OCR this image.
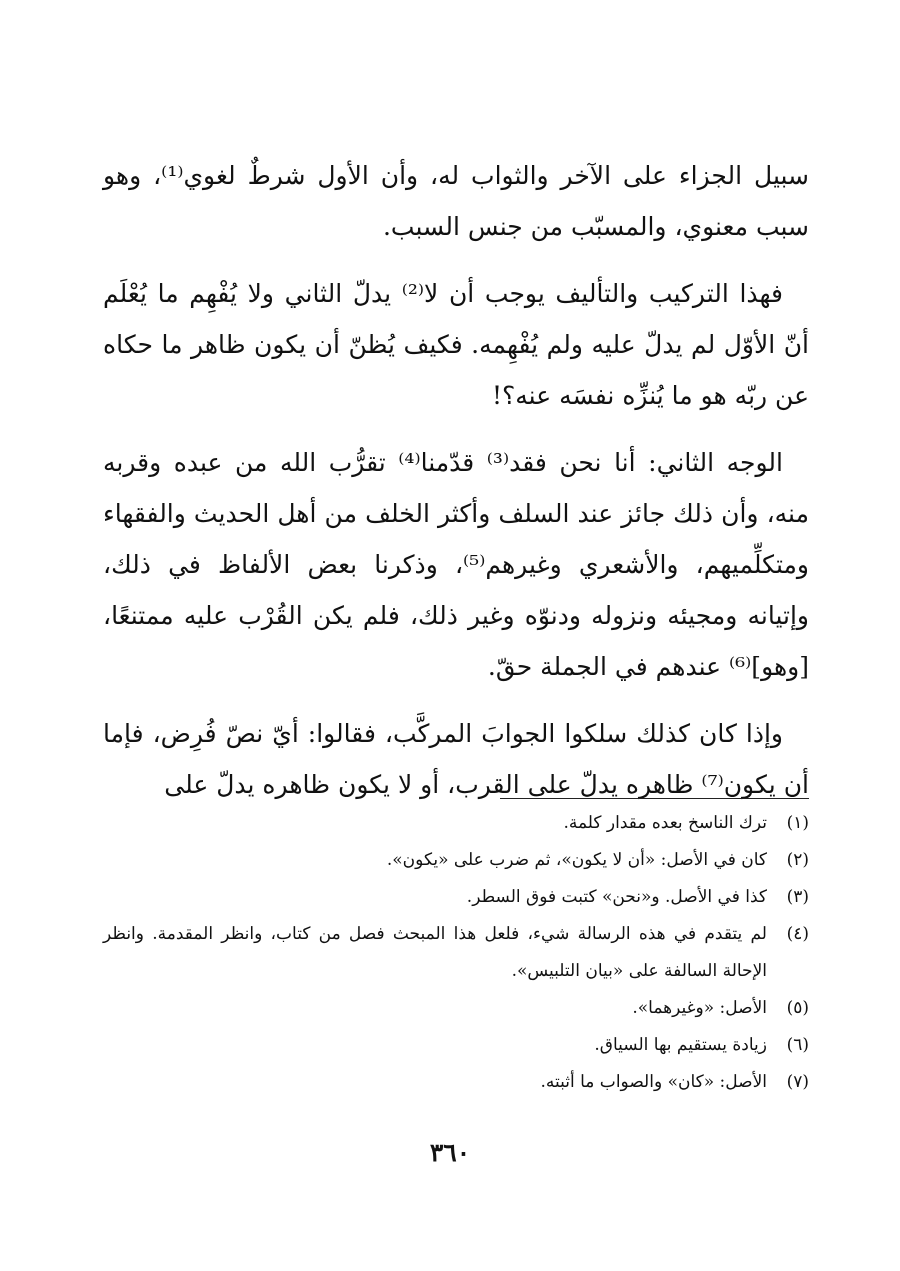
سبيل الجزاء على الآخر والثواب له، وأن الأول شرطٌ لغوي⁽¹⁾، وهو سبب معنوي، والمسبّب من جنس السبب.

فهذا التركيب والتأليف يوجب أن لا⁽²⁾ يدلّ الثاني ولا يُفْهِم ما يُعْلَم أنّ الأوّل لم يدلّ عليه ولم يُفْهِمه. فكيف يُظنّ أن يكون ظاهر ما حكاه عن ربّه هو ما يُنزِّه نفسَه عنه؟!

الوجه الثاني: أنا نحن فقد⁽³⁾ قدّمنا⁽⁴⁾ تقرُّب الله من عبده وقربه منه، وأن ذلك جائز عند السلف وأكثر الخلف من أهل الحديث والفقهاء ومتكلِّميهم، والأشعري وغيرهم⁽⁵⁾، وذكرنا بعض الألفاظ في ذلك، وإتيانه ومجيئه ونزوله ودنوّه وغير ذلك، فلم يكن القُرْب عليه ممتنعًا، [وهو]⁽⁶⁾ عندهم في الجملة حقّ.

وإذا كان كذلك سلكوا الجوابَ المركَّب، فقالوا: أيّ نصّ فُرِض، فإما أن يكون⁽⁷⁾ ظاهره يدلّ على القرب، أو لا يكون ظاهره يدلّ على

(١)
ترك الناسخ بعده مقدار كلمة.
(٢)
كان في الأصل: «أن لا يكون»، ثم ضرب على «يكون».
(٣)
كذا في الأصل. و«نحن» كتبت فوق السطر.
(٤)
لم يتقدم في هذه الرسالة شيء، فلعل هذا المبحث فصل من كتاب، وانظر المقدمة. وانظر الإحالة السالفة على «بيان التلبيس».
(٥)
الأصل: «وغيرهما».
(٦)
زيادة يستقيم بها السياق.
(٧)
الأصل: «كان» والصواب ما أثبته.
٣٦٠
